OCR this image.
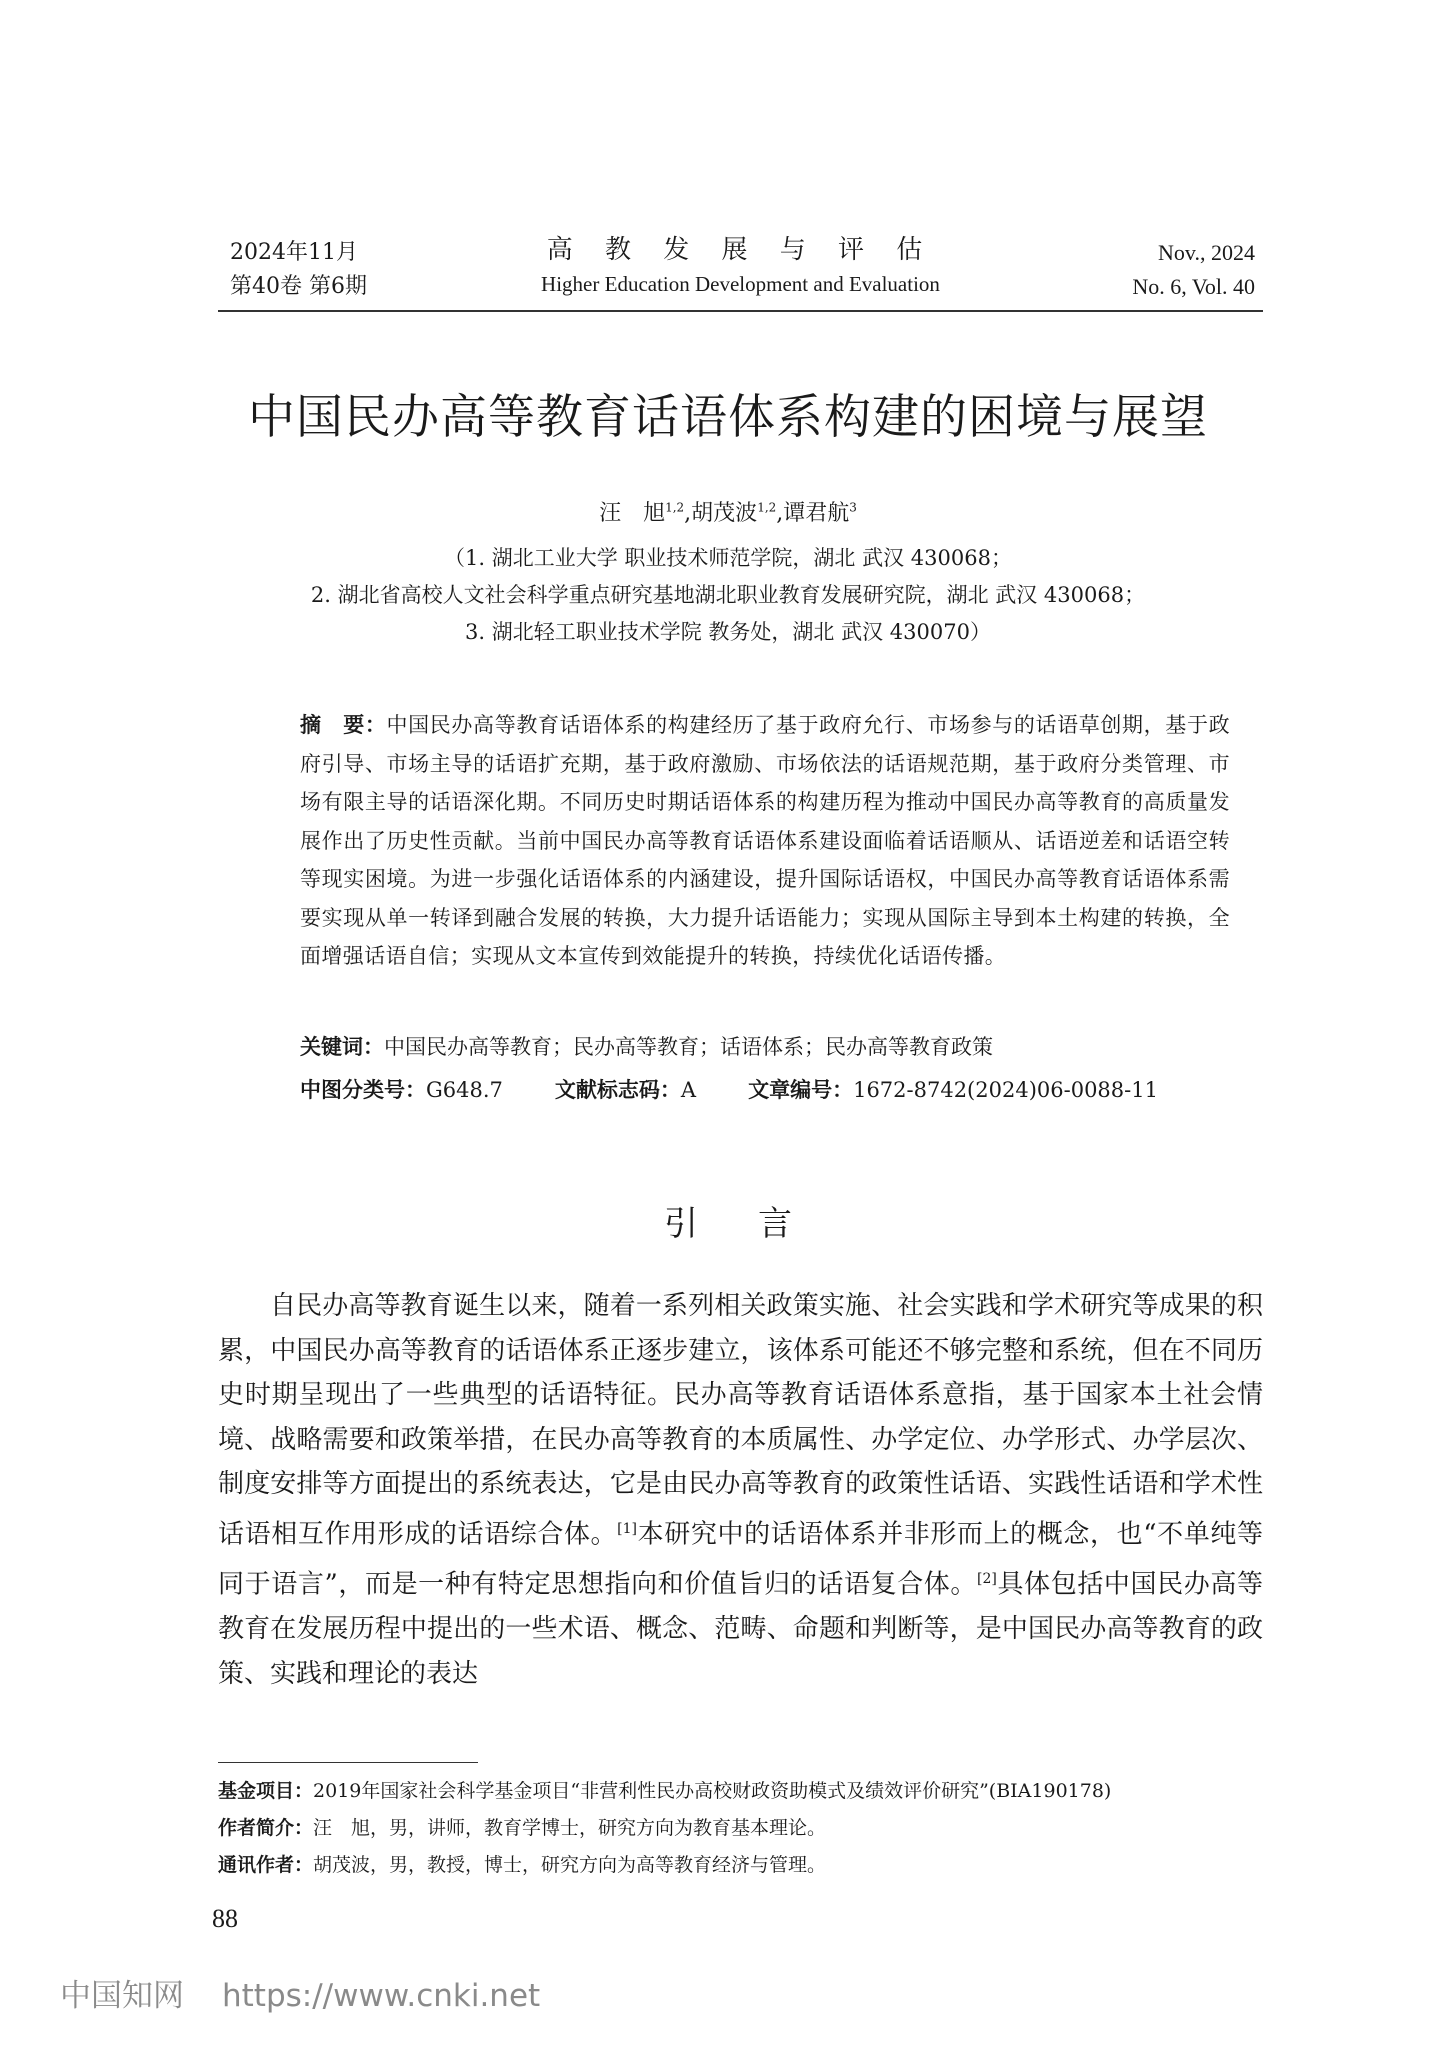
2024年11月
第40卷 第6期
高 教 发 展 与 评 估
Higher Education Development and Evaluation
Nov., 2024
No. 6, Vol. 40
中国民办高等教育话语体系构建的困境与展望
汪　旭$^{1,2}$,胡茂波$^{1,2}$,谭君航$^3$
（1. 湖北工业大学 职业技术师范学院，湖北 武汉 430068；
2. 湖北省高校人文社会科学重点研究基地湖北职业教育发展研究院，湖北 武汉 430068；
3. 湖北轻工职业技术学院 教务处，湖北 武汉 430070）
摘　要：中国民办高等教育话语体系的构建经历了基于政府允行、市场参与的话语草创期，基于政府引导、市场主导的话语扩充期，基于政府激励、市场依法的话语规范期，基于政府分类管理、市场有限主导的话语深化期。不同历史时期话语体系的构建历程为推动中国民办高等教育的高质量发展作出了历史性贡献。当前中国民办高等教育话语体系建设面临着话语顺从、话语逆差和话语空转等现实困境。为进一步强化话语体系的内涵建设，提升国际话语权，中国民办高等教育话语体系需要实现从单一转译到融合发展的转换，大力提升话语能力；实现从国际主导到本土构建的转换，全面增强话语自信；实现从文本宣传到效能提升的转换，持续优化话语传播。
关键词：中国民办高等教育；民办高等教育；话语体系；民办高等教育政策
中图分类号：G648.7 文献标志码：A 文章编号：1672-8742(2024)06-0088-11
引言

自民办高等教育诞生以来，随着一系列相关政策实施、社会实践和学术研究等成果的积累，中国民办高等教育的话语体系正逐步建立，该体系可能还不够完整和系统，但在不同历史时期呈现出了一些典型的话语特征。民办高等教育话语体系意指，基于国家本土社会情境、战略需要和政策举措，在民办高等教育的本质属性、办学定位、办学形式、办学层次、制度安排等方面提出的系统表达，它是由民办高等教育的政策性话语、实践性话语和学术性话语相互作用形成的话语综合体。[1]本研究中的话语体系并非形而上的概念，也“不单纯等同于语言”，而是一种有特定思想指向和价值旨归的话语复合体。[2]具体包括中国民办高等教育在发展历程中提出的一些术语、概念、范畴、命题和判断等，是中国民办高等教育的政策、实践和理论的表达

基金项目：2019年国家社会科学基金项目“非营利性民办高校财政资助模式及绩效评价研究”(BIA190178)
作者简介：汪　旭，男，讲师，教育学博士，研究方向为教育基本理论。
通讯作者：胡茂波，男，教授，博士，研究方向为高等教育经济与管理。
88
中国知网 https://www.cnki.net
